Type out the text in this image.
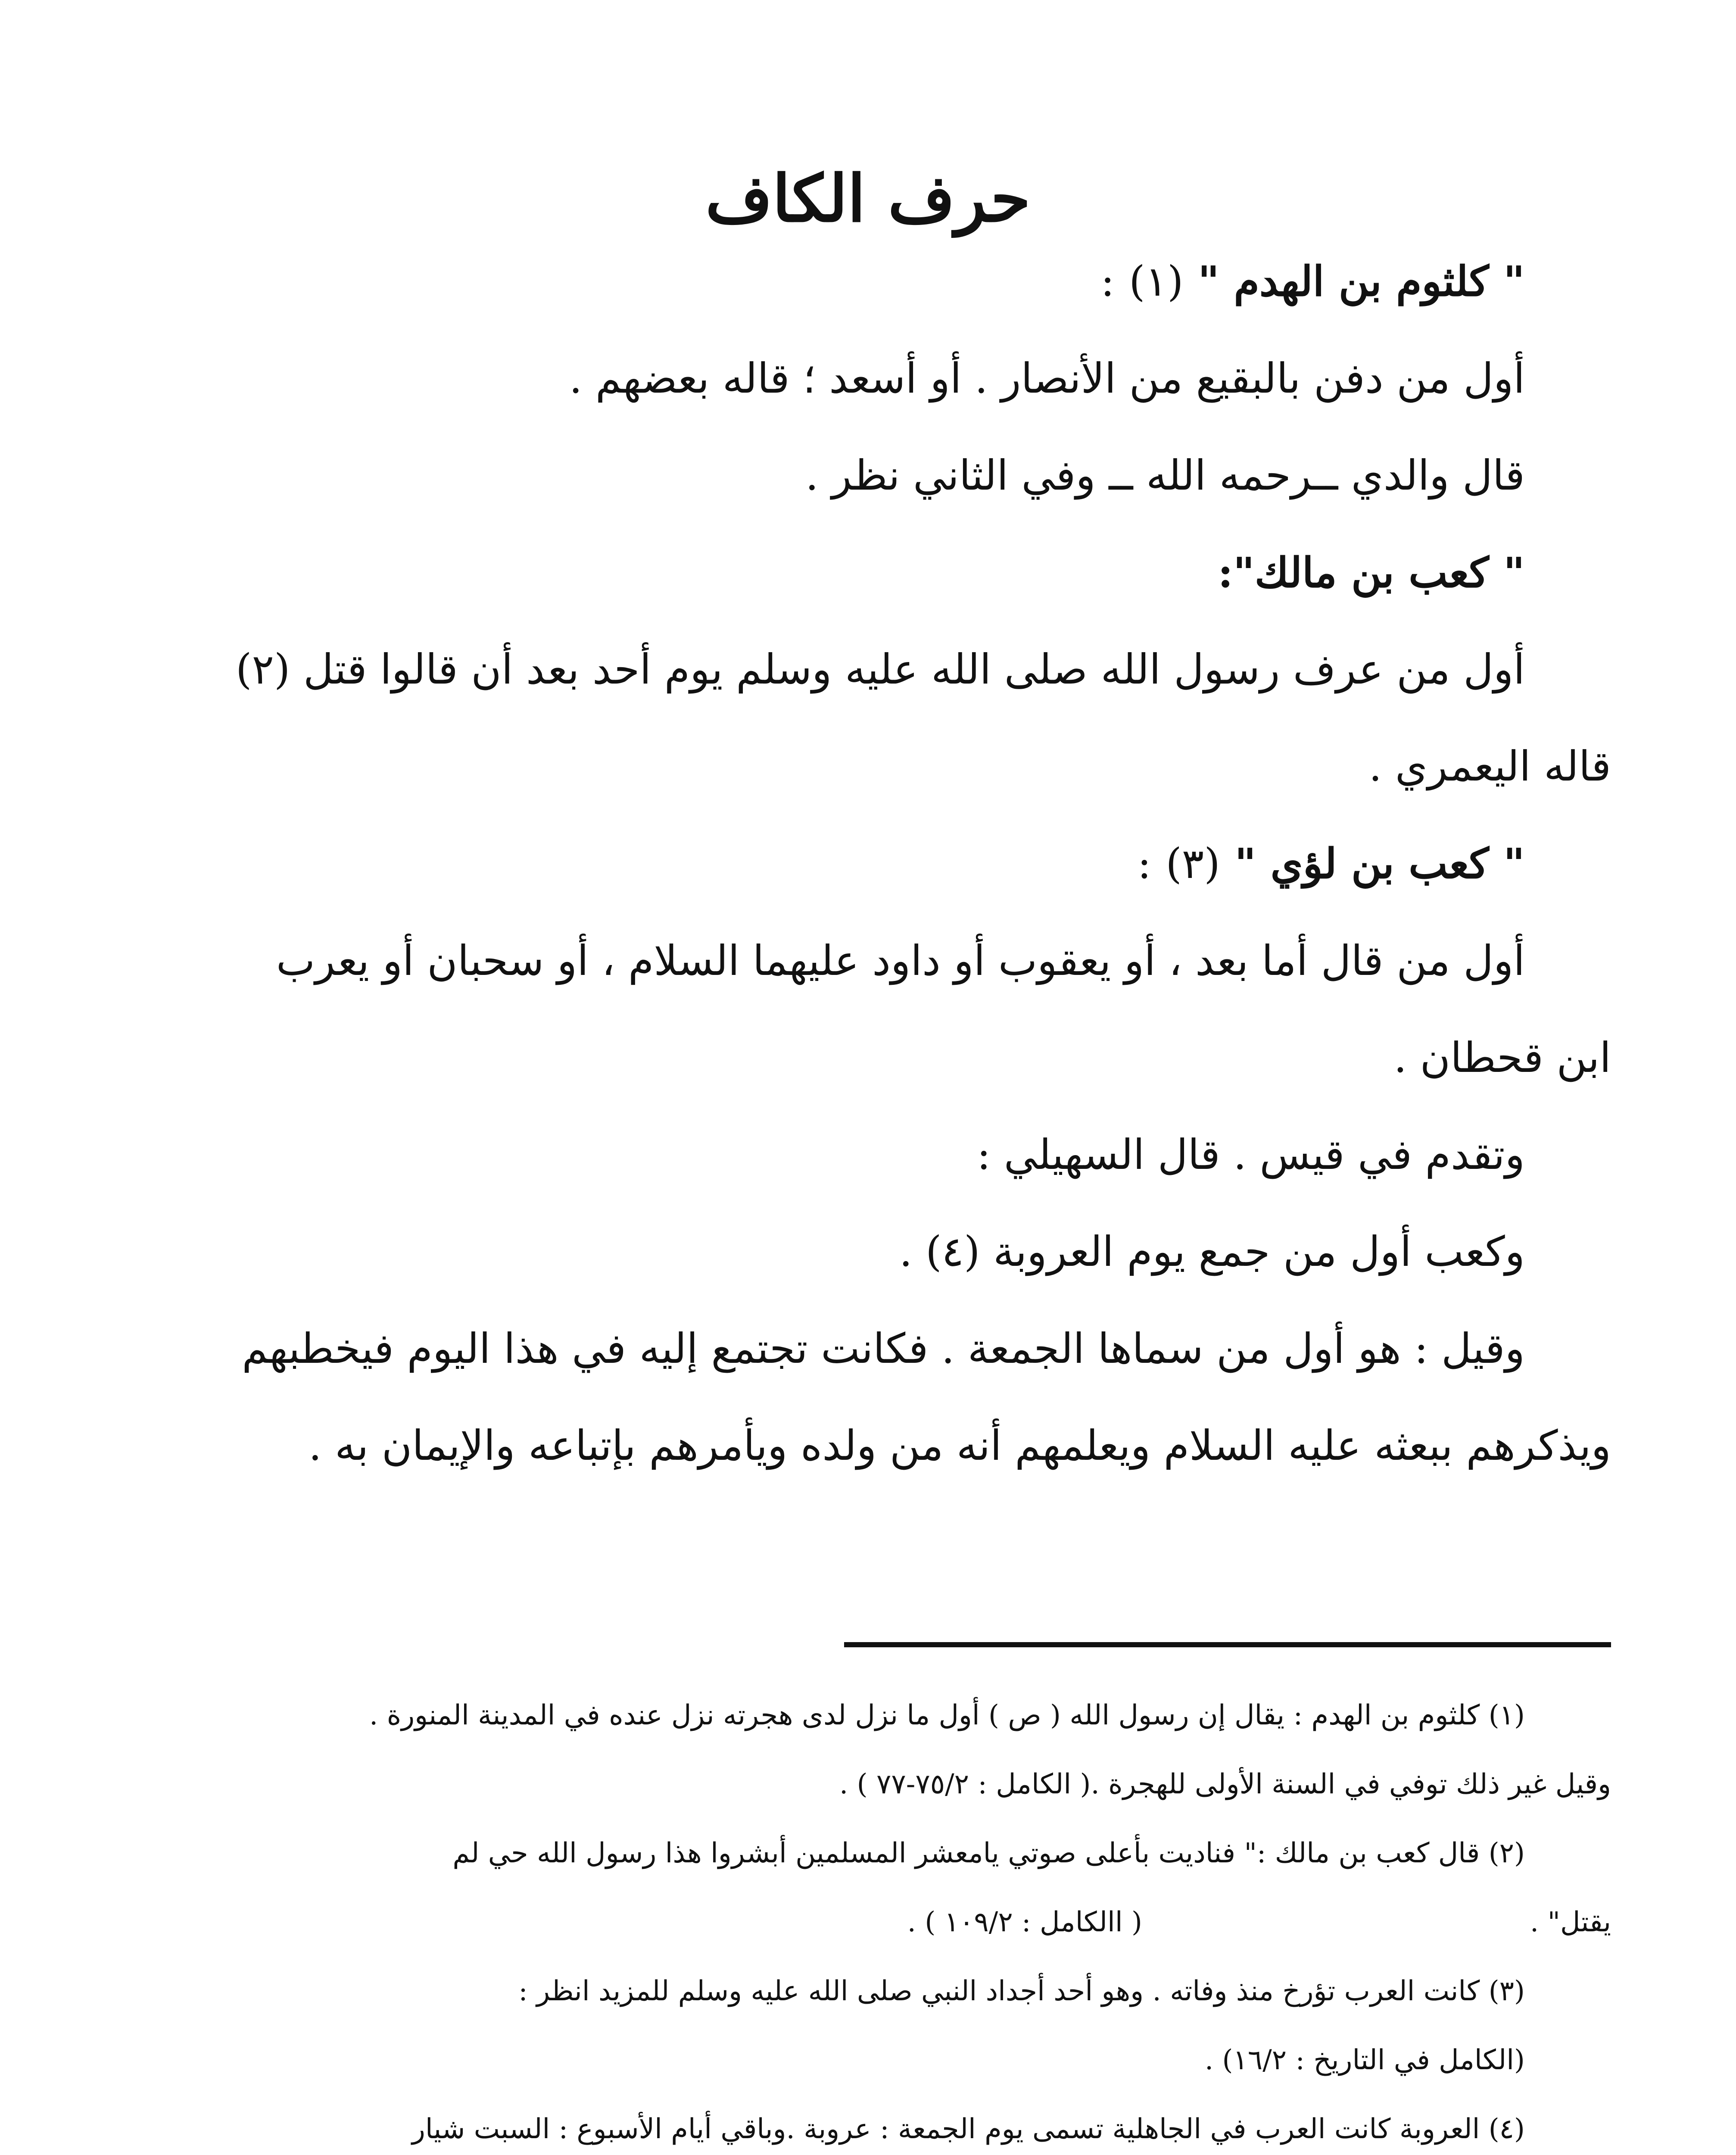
حرف الكاف

" كلثوم بن الهدم " (١) :

أول من دفن بالبقيع من الأنصار . أو أسعد ؛ قاله بعضهم .

قال والدي ــرحمه الله ــ وفي الثاني نظر .

" كعب بن مالك":

أول من عرف رسول الله صلى الله عليه وسلم يوم أحد بعد أن قالوا قتل (٢)

قاله اليعمري .

" كعب بن لؤي " (٣) :

أول من قال أما بعد ، أو يعقوب أو داود عليهما السلام ، أو سحبان أو يعرب

ابن قحطان .

وتقدم في قيس . قال السهيلي :

وكعب أول من جمع يوم العروبة (٤) .

وقيل : هو أول من سماها الجمعة . فكانت تجتمع إليه في هذا اليوم فيخطبهم

ويذكرهم ببعثه عليه السلام ويعلمهم أنه من ولده ويأمرهم بإتباعه والإيمان به .

(١) كلثوم بن الهدم : يقال إن رسول الله ( ص ) أول ما نزل لدى هجرته نزل عنده في المدينة المنورة .

وقيل غير ذلك توفي في السنة الأولى للهجرة .( الكامل : ٧٥/٢-٧٧ ) .

(٢) قال كعب بن مالك :" فناديت بأعلى صوتي يامعشر المسلمين أبشروا هذا رسول الله حي لم

يقتل" .( االكامل : ١٠٩/٢ ) .

(٣) كانت العرب تؤرخ منذ وفاته . وهو أحد أجداد النبي صلى الله عليه وسلم للمزيد انظر :

(الكامل في التاريخ : ١٦/٢) .

(٤) العروبة كانت العرب في الجاهلية تسمى يوم الجمعة : عروبة .وباقي أيام الأسبوع : السبت شيار
